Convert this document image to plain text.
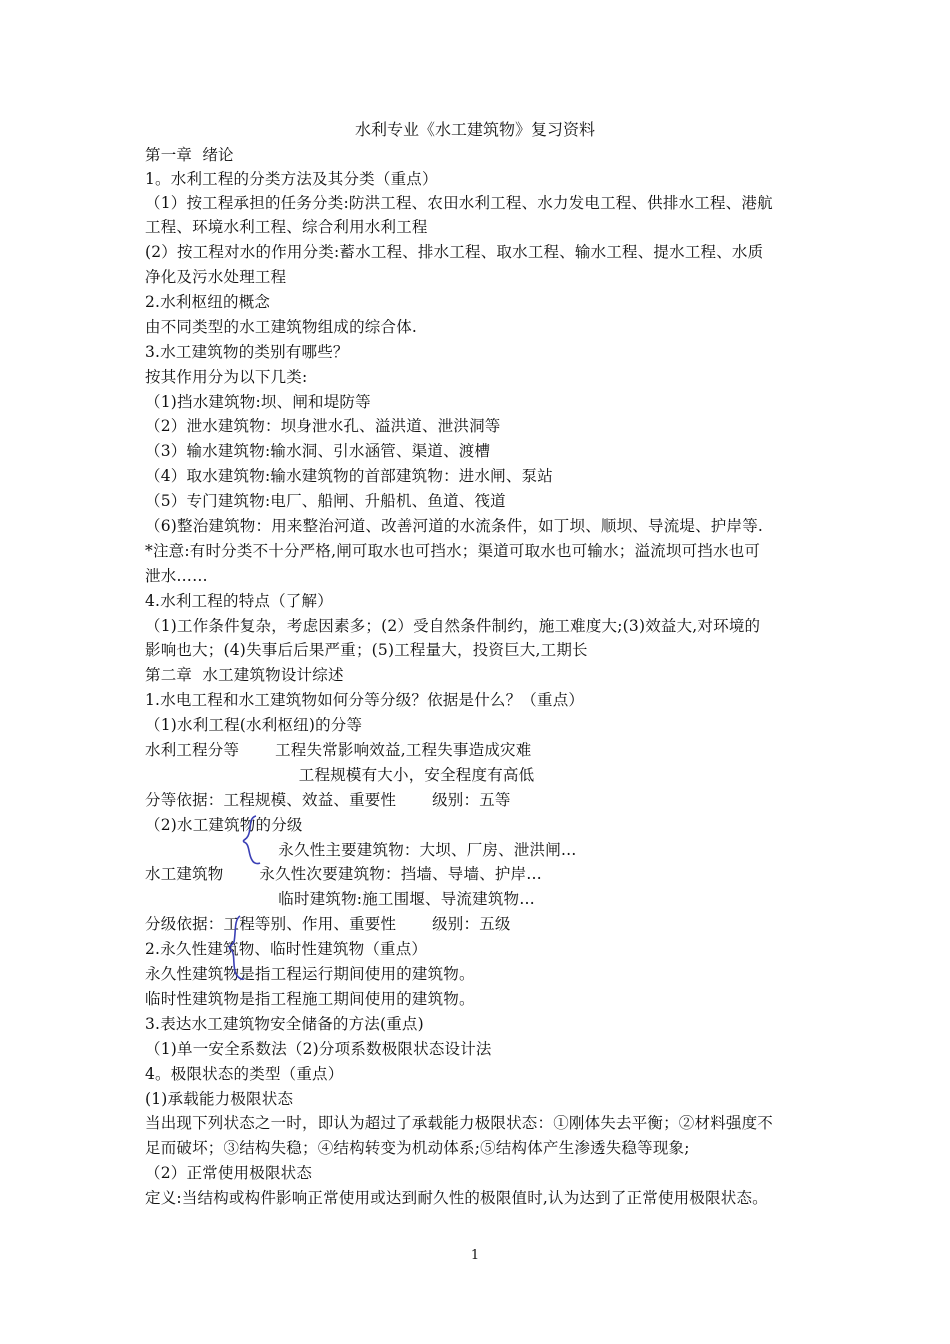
水利专业《水工建筑物》复习资料
第一章  绪论
1。水利工程的分类方法及其分类（重点）
（1）按工程承担的任务分类:防洪工程、农田水利工程、水力发电工程、供排水工程、港航
工程、环境水利工程、综合利用水利工程
(2）按工程对水的作用分类:蓄水工程、排水工程、取水工程、输水工程、提水工程、水质
净化及污水处理工程
2.水利枢纽的概念
由不同类型的水工建筑物组成的综合体.
3.水工建筑物的类别有哪些？
按其作用分为以下几类:
（1)挡水建筑物:坝、闸和堤防等
（2）泄水建筑物：坝身泄水孔、溢洪道、泄洪洞等
（3）输水建筑物:输水洞、引水涵管、渠道、渡槽
（4）取水建筑物:输水建筑物的首部建筑物：进水闸、泵站
（5）专门建筑物:电厂、船闸、升船机、鱼道、筏道
（6)整治建筑物：用来整治河道、改善河道的水流条件，如丁坝、顺坝、导流堤、护岸等.
*注意:有时分类不十分严格,闸可取水也可挡水；渠道可取水也可输水；溢流坝可挡水也可
泄水……
4.水利工程的特点（了解）
（1)工作条件复杂，考虑因素多；(2）受自然条件制约，施工难度大;(3)效益大,对环境的
影响也大；(4)失事后后果严重；(5)工程量大，投资巨大,工期长
第二章  水工建筑物设计综述
1.水电工程和水工建筑物如何分等分级？依据是什么？（重点）
（1)水利工程(水利枢纽)的分等
水利工程分等       工程失常影响效益,工程失事造成灾难
工程规模有大小，安全程度有高低
分等依据：工程规模、效益、重要性       级别：五等
（2)水工建筑物的分级
永久性主要建筑物：大坝、厂房、泄洪闸…
水工建筑物       永久性次要建筑物：挡墙、导墙、护岸…
临时建筑物:施工围堰、导流建筑物…
分级依据：工程等别、作用、重要性       级别：五级
2.永久性建筑物、临时性建筑物（重点）
永久性建筑物是指工程运行期间使用的建筑物。
临时性建筑物是指工程施工期间使用的建筑物。
3.表达水工建筑物安全储备的方法(重点)
（1)单一安全系数法（2)分项系数极限状态设计法
4。极限状态的类型（重点）
(1)承载能力极限状态
当出现下列状态之一时，即认为超过了承载能力极限状态：①刚体失去平衡；②材料强度不
足而破坏；③结构失稳；④结构转变为机动体系;⑤结构体产生渗透失稳等现象;
（2）正常使用极限状态
定义:当结构或构件影响正常使用或达到耐久性的极限值时,认为达到了正常使用极限状态。
1
